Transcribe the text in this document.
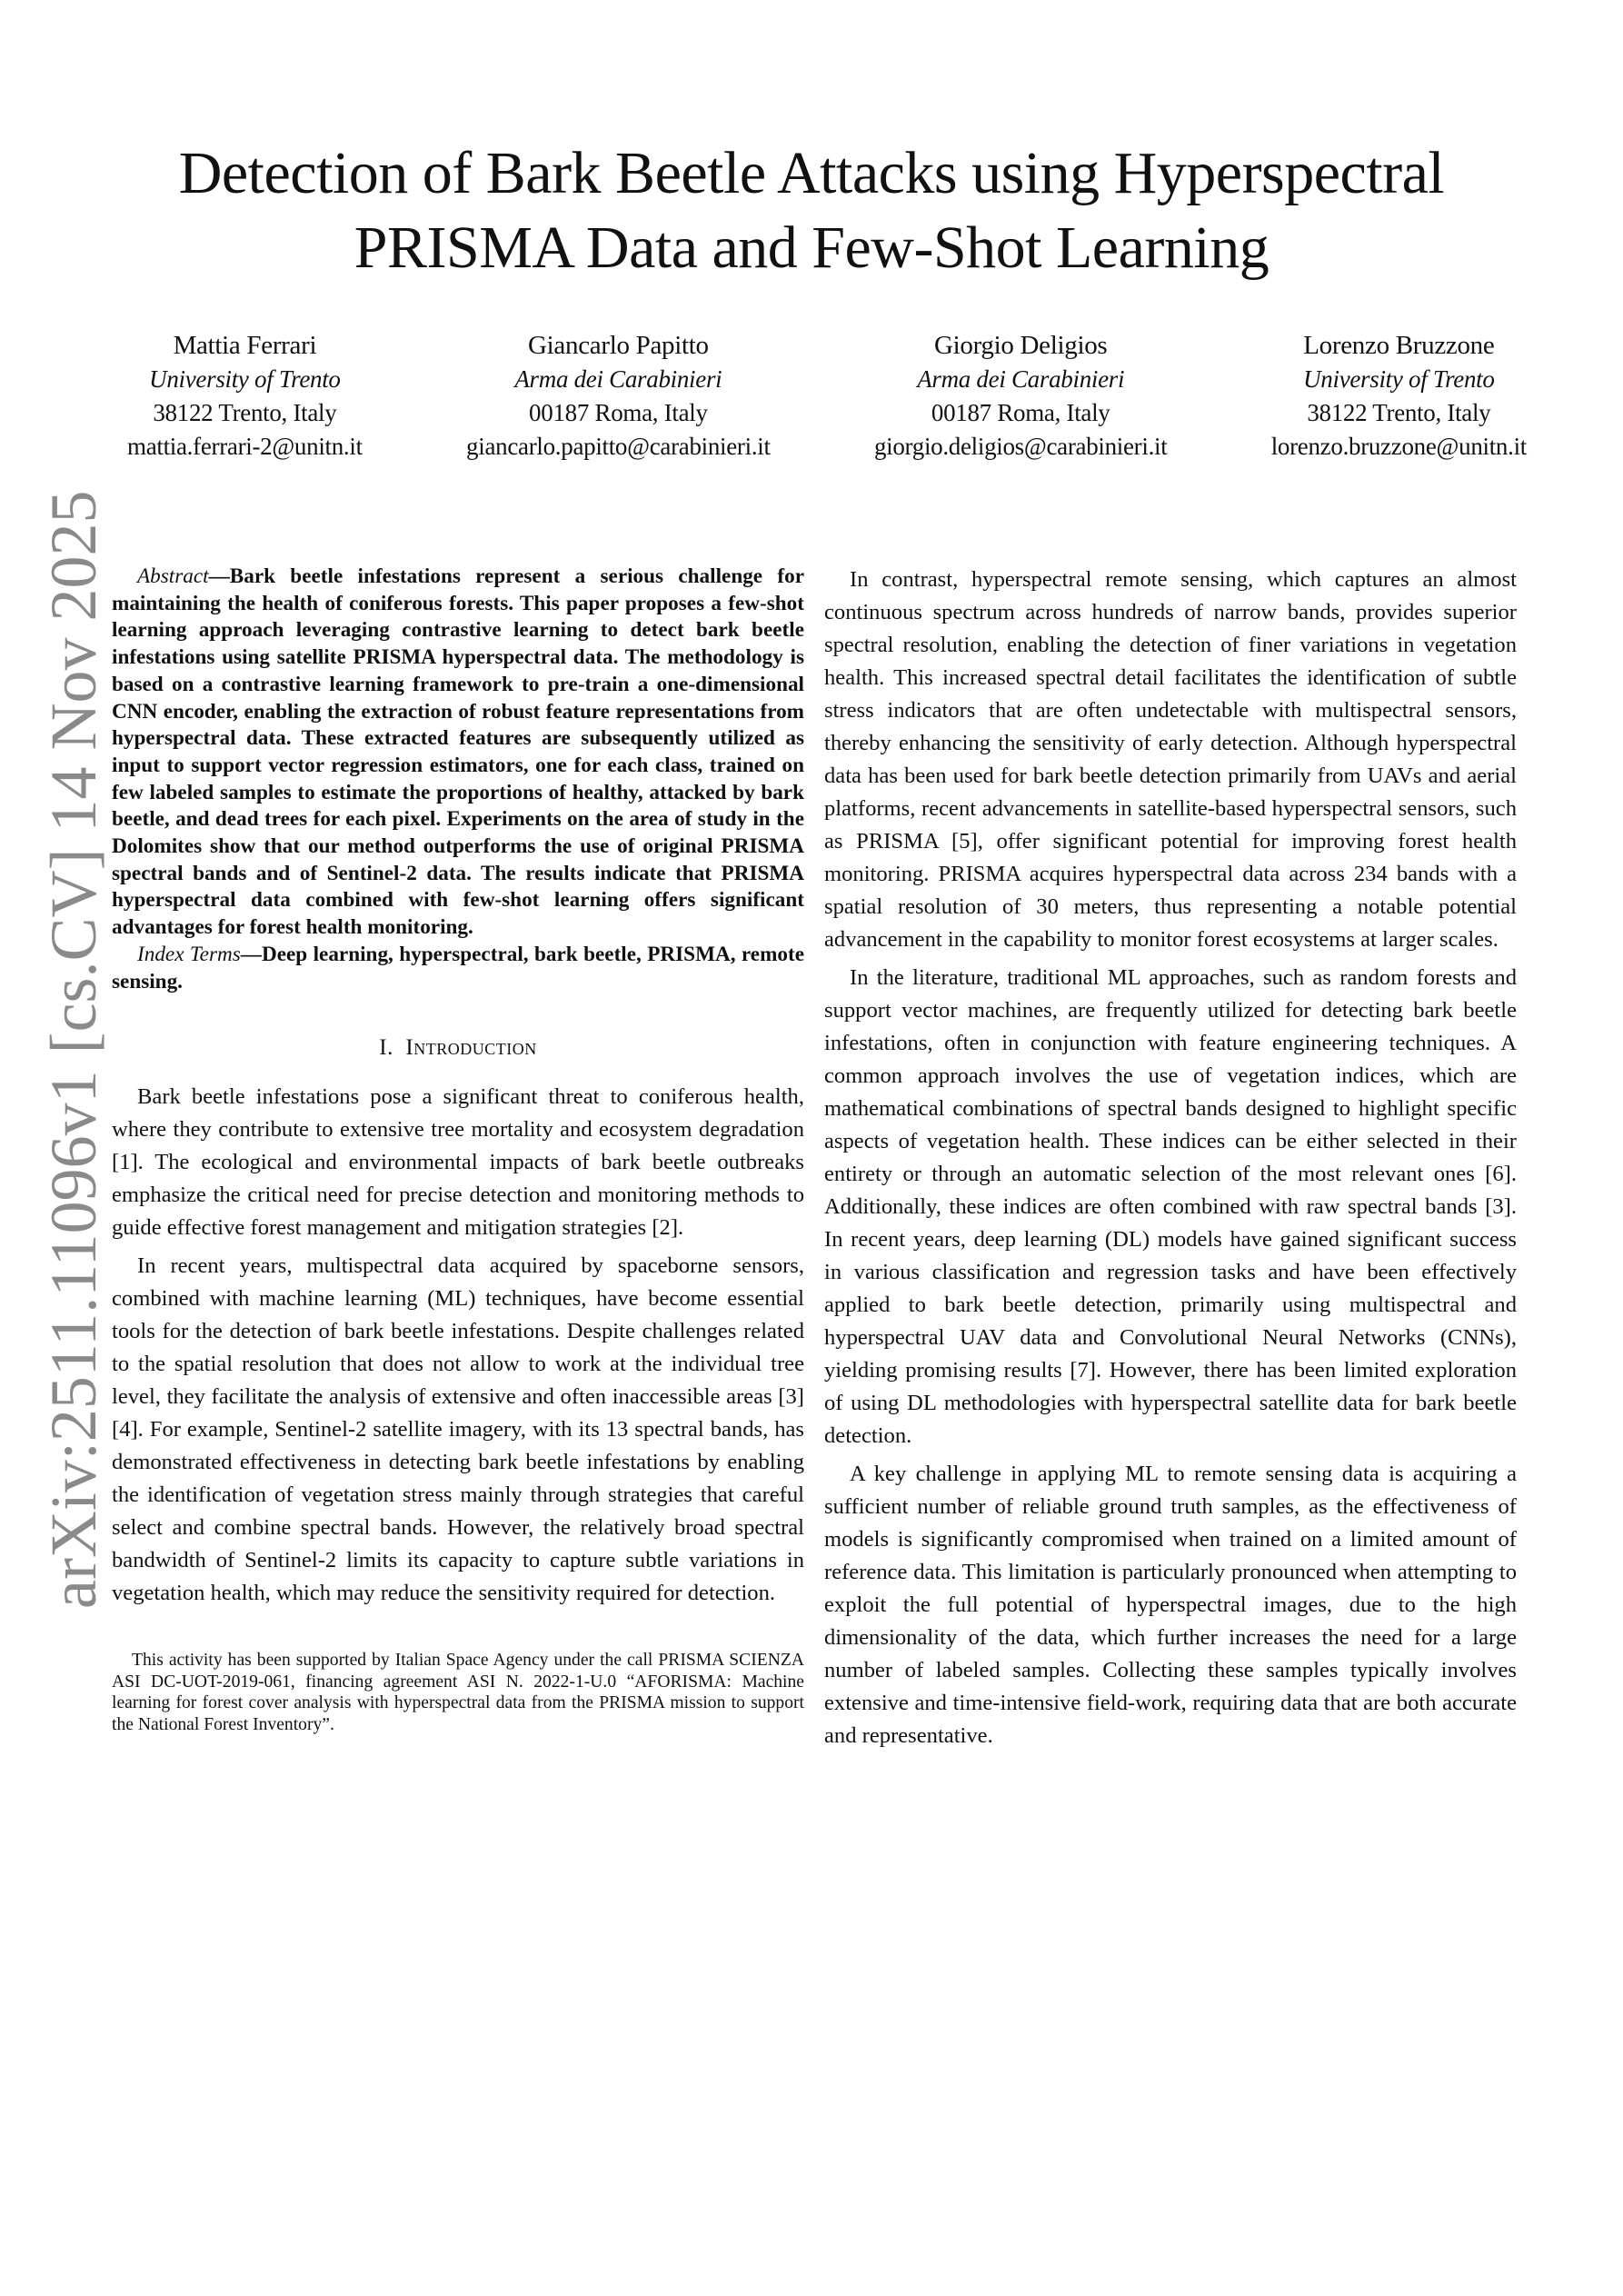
arXiv:2511.11096v1 [cs.CV] 14 Nov 2025
Detection of Bark Beetle Attacks using Hyperspectral PRISMA Data and Few-Shot Learning
Mattia Ferrari
University of Trento
38122 Trento, Italy
mattia.ferrari-2@unitn.it
Giancarlo Papitto
Arma dei Carabinieri
00187 Roma, Italy
giancarlo.papitto@carabinieri.it
Giorgio Deligios
Arma dei Carabinieri
00187 Roma, Italy
giorgio.deligios@carabinieri.it
Lorenzo Bruzzone
University of Trento
38122 Trento, Italy
lorenzo.bruzzone@unitn.it

Abstract—Bark beetle infestations represent a serious challenge for maintaining the health of coniferous forests. This paper proposes a few-shot learning approach leveraging contrastive learning to detect bark beetle infestations using satellite PRISMA hyperspectral data. The methodology is based on a contrastive learning framework to pre-train a one-dimensional CNN encoder, enabling the extraction of robust feature representations from hyperspectral data. These extracted features are subsequently utilized as input to support vector regression estimators, one for each class, trained on few labeled samples to estimate the proportions of healthy, attacked by bark beetle, and dead trees for each pixel. Experiments on the area of study in the Dolomites show that our method outperforms the use of original PRISMA spectral bands and of Sentinel-2 data. The results indicate that PRISMA hyperspectral data combined with few-shot learning offers significant advantages for forest health monitoring.

Index Terms—Deep learning, hyperspectral, bark beetle, PRISMA, remote sensing.

I. Introduction

Bark beetle infestations pose a significant threat to coniferous health, where they contribute to extensive tree mortality and ecosystem degradation [1]. The ecological and environmental impacts of bark beetle outbreaks emphasize the critical need for precise detection and monitoring methods to guide effective forest management and mitigation strategies [2].

In recent years, multispectral data acquired by spaceborne sensors, combined with machine learning (ML) techniques, have become essential tools for the detection of bark beetle infestations. Despite challenges related to the spatial resolution that does not allow to work at the individual tree level, they facilitate the analysis of extensive and often inaccessible areas [3] [4]. For example, Sentinel-2 satellite imagery, with its 13 spectral bands, has demonstrated effectiveness in detecting bark beetle infestations by enabling the identification of vegetation stress mainly through strategies that careful select and combine spectral bands. However, the relatively broad spectral bandwidth of Sentinel-2 limits its capacity to capture subtle variations in vegetation health, which may reduce the sensitivity required for detection.

This activity has been supported by Italian Space Agency under the call PRISMA SCIENZA ASI DC-UOT-2019-061, financing agreement ASI N. 2022-1-U.0 “AFORISMA: Machine learning for forest cover analysis with hyperspectral data from the PRISMA mission to support the National Forest Inventory”.

In contrast, hyperspectral remote sensing, which captures an almost continuous spectrum across hundreds of narrow bands, provides superior spectral resolution, enabling the detection of finer variations in vegetation health. This increased spectral detail facilitates the identification of subtle stress indicators that are often undetectable with multispectral sensors, thereby enhancing the sensitivity of early detection. Although hyperspectral data has been used for bark beetle detection primarily from UAVs and aerial platforms, recent advancements in satellite-based hyperspectral sensors, such as PRISMA [5], offer significant potential for improving forest health monitoring. PRISMA acquires hyperspectral data across 234 bands with a spatial resolution of 30 meters, thus representing a notable potential advancement in the capability to monitor forest ecosystems at larger scales.

In the literature, traditional ML approaches, such as random forests and support vector machines, are frequently utilized for detecting bark beetle infestations, often in conjunction with feature engineering techniques. A common approach involves the use of vegetation indices, which are mathematical combinations of spectral bands designed to highlight specific aspects of vegetation health. These indices can be either selected in their entirety or through an automatic selection of the most relevant ones [6]. Additionally, these indices are often combined with raw spectral bands [3]. In recent years, deep learning (DL) models have gained significant success in various classification and regression tasks and have been effectively applied to bark beetle detection, primarily using multispectral and hyperspectral UAV data and Convolutional Neural Networks (CNNs), yielding promising results [7]. However, there has been limited exploration of using DL methodologies with hyperspectral satellite data for bark beetle detection.

A key challenge in applying ML to remote sensing data is acquiring a sufficient number of reliable ground truth samples, as the effectiveness of models is significantly compromised when trained on a limited amount of reference data. This limitation is particularly pronounced when attempting to exploit the full potential of hyperspectral images, due to the high dimensionality of the data, which further increases the need for a large number of labeled samples. Collecting these samples typically involves extensive and time-intensive field-work, requiring data that are both accurate and representative.
